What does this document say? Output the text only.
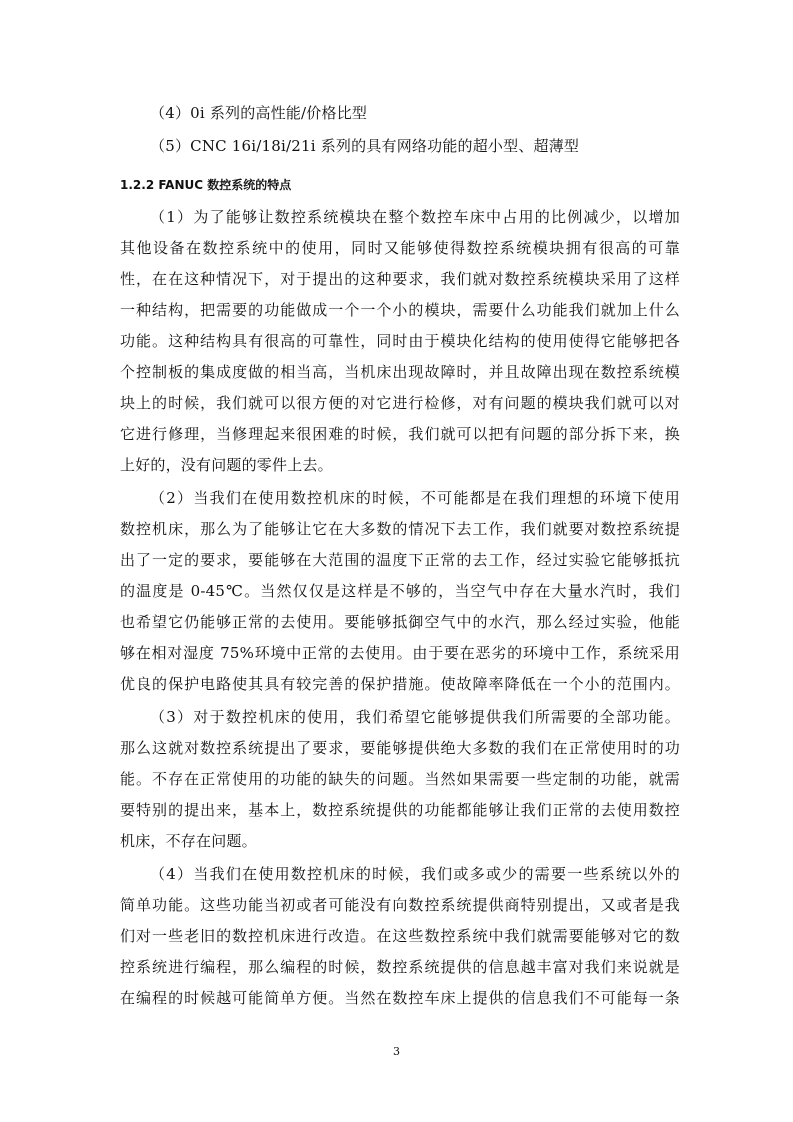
（4）0i 系列的高性能/价格比型
（5）CNC 16i/18i/21i 系列的具有网络功能的超小型、超薄型
1.2.2 FANUC 数控系统的特点
（1）为了能够让数控系统模块在整个数控车床中占用的比例减少，以增加
其他设备在数控系统中的使用，同时又能够使得数控系统模块拥有很高的可靠
性，在在这种情况下，对于提出的这种要求，我们就对数控系统模块采用了这样
一种结构，把需要的功能做成一个一个小的模块，需要什么功能我们就加上什么
功能。这种结构具有很高的可靠性，同时由于模块化结构的使用使得它能够把各
个控制板的集成度做的相当高，当机床出现故障时，并且故障出现在数控系统模
块上的时候，我们就可以很方便的对它进行检修，对有问题的模块我们就可以对
它进行修理，当修理起来很困难的时候，我们就可以把有问题的部分拆下来，换
上好的，没有问题的零件上去。
（2）当我们在使用数控机床的时候，不可能都是在我们理想的环境下使用
数控机床，那么为了能够让它在大多数的情况下去工作，我们就要对数控系统提
出了一定的要求，要能够在大范围的温度下正常的去工作，经过实验它能够抵抗
的温度是 0-45℃。当然仅仅是这样是不够的，当空气中存在大量水汽时，我们
也希望它仍能够正常的去使用。要能够抵御空气中的水汽，那么经过实验，他能
够在相对湿度 75%环境中正常的去使用。由于要在恶劣的环境中工作，系统采用
优良的保护电路使其具有较完善的保护措施。使故障率降低在一个小的范围内。
（3）对于数控机床的使用，我们希望它能够提供我们所需要的全部功能。
那么这就对数控系统提出了要求，要能够提供绝大多数的我们在正常使用时的功
能。不存在正常使用的功能的缺失的问题。当然如果需要一些定制的功能，就需
要特别的提出来，基本上，数控系统提供的功能都能够让我们正常的去使用数控
机床，不存在问题。
（4）当我们在使用数控机床的时候，我们或多或少的需要一些系统以外的
简单功能。这些功能当初或者可能没有向数控系统提供商特别提出，又或者是我
们对一些老旧的数控机床进行改造。在这些数控系统中我们就需要能够对它的数
控系统进行编程，那么编程的时候，数控系统提供的信息越丰富对我们来说就是
在编程的时候越可能简单方便。当然在数控车床上提供的信息我们不可能每一条
3
